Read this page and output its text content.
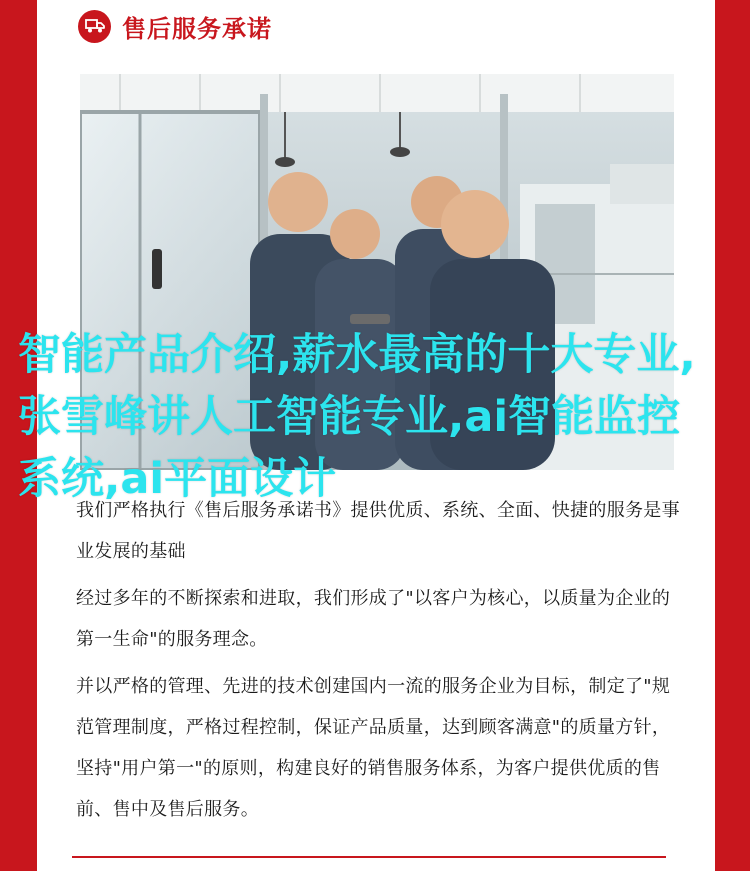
售后服务承诺
智能产品介绍,薪水最高的十大专业,张雪峰讲人工智能专业,ai智能监控系统,ai平面设计

我们严格执行《售后服务承诺书》提供优质、系统、全面、快捷的服务是事业发展的基础

经过多年的不断探索和进取，我们形成了"以客户为核心，以质量为企业的第一生命"的服务理念。

并以严格的管理、先进的技术创建国内一流的服务企业为目标，制定了"规范管理制度，严格过程控制，保证产品质量，达到顾客满意"的质量方针，坚持"用户第一"的原则，构建良好的销售服务体系，为客户提供优质的售前、售中及售后服务。
